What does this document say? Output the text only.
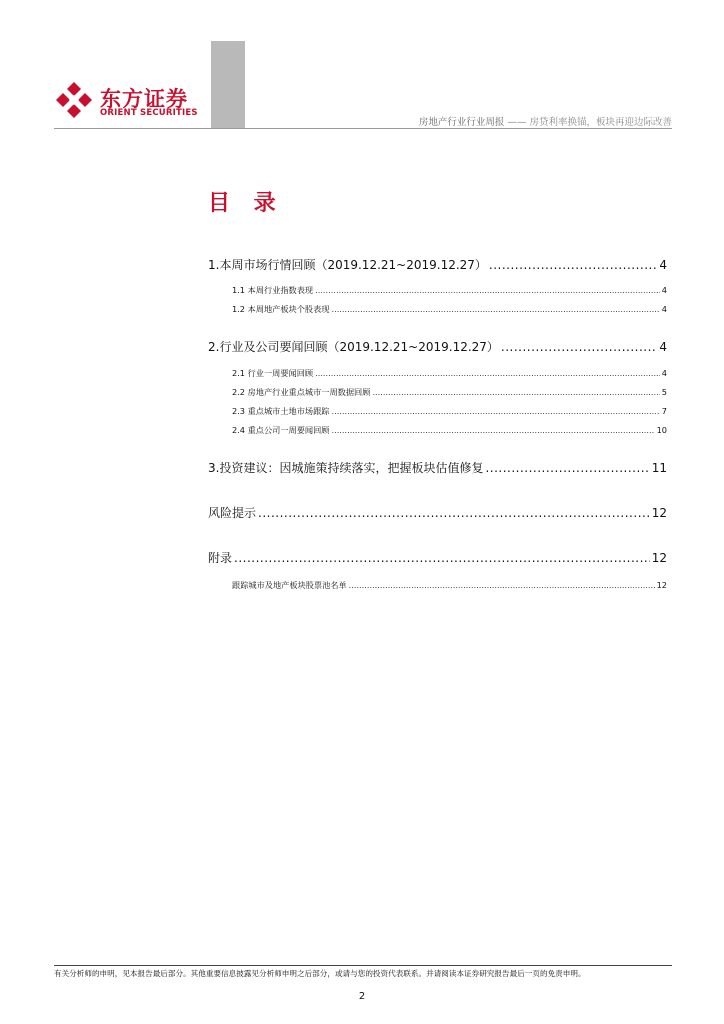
东方证券
ORIENT SECURITIES
房地产行业行业周报 —— 房贷利率换锚，板块再迎边际改善
目 录
1.本周市场行情回顾（2019.12.21~2019.12.27） .....	4
1.1 本周行业指数表现 .....	4
1.2 本周地产板块个股表现 .....	4
2.行业及公司要闻回顾（2019.12.21~2019.12.27） .....	4
2.1 行业一周要闻回顾 .....	4
2.2 房地产行业重点城市一周数据回顾 .....	5
2.3 重点城市土地市场跟踪 .....	7
2.4 重点公司一周要闻回顾 .....	10
3.投资建议：因城施策持续落实，把握板块估值修复 .....	11
风险提示 .....	12
附录 .....	12
跟踪城市及地产板块股票池名单 .....	12
有关分析师的申明，见本报告最后部分。其他重要信息披露见分析师申明之后部分，或请与您的投资代表联系。并请阅读本证券研究报告最后一页的免责申明。
2
